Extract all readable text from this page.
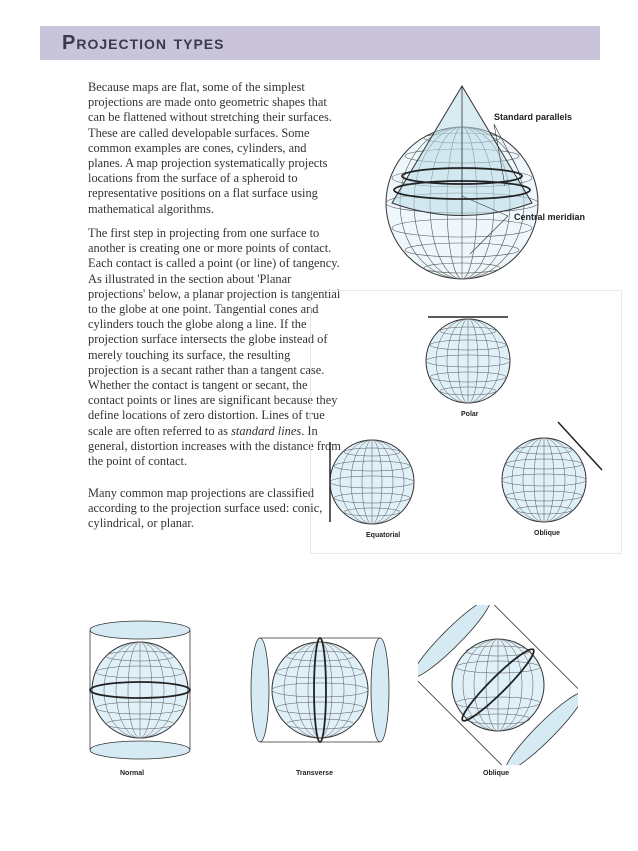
Projection types
Because maps are flat, some of the simplest projections are made onto geometric shapes that can be flattened without stretching their surfaces. These are called developable surfaces. Some common examples are cones, cylinders, and planes. A map projection systematically projects locations from the surface of a spheroid to representative positions on a flat surface using mathematical algorithms.
The first step in projecting from one surface to another is creating one or more points of contact. Each contact is called a point (or line) of tangency. As illustrated in the section about 'Planar projections' below, a planar projection is tangential to the globe at one point. Tangential cones and cylinders touch the globe along a line. If the projection surface intersects the globe instead of merely touching its surface, the resulting projection is a secant rather than a tangent case. Whether the contact is tangent or secant, the contact points or lines are significant because they define locations of zero distortion. Lines of true scale are often referred to as standard lines. In general, distortion increases with the distance from the point of contact.
Many common map projections are classified according to the projection surface used: conic, cylindrical, or planar.
Standard parallels
Central meridian
Polar
Equatorial	Oblique
Normal	Transverse	Oblique
